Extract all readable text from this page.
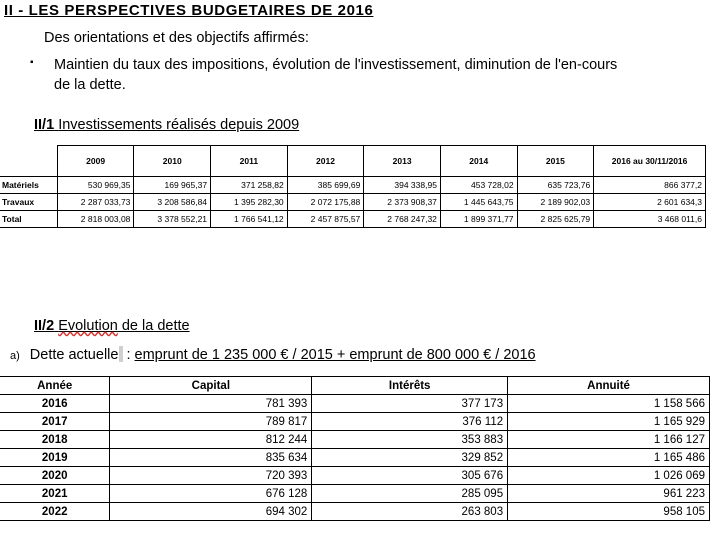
II - LES PERSPECTIVES BUDGETAIRES DE 2016
Des orientations et des objectifs affirmés:
▪ Maintien du taux des impositions, évolution de l'investissement, diminution de l'en-cours
de la dette.
II/1 Investissements réalisés depuis 2009
	2009	2010	2011	2012	2013	2014	2015	2016 au 30/11/2016
Matériels	530 969,35	169 965,37	371 258,82	385 699,69	394 338,95	453 728,02	635 723,76	866 377,2
Travaux	2 287 033,73	3 208 586,84	1 395 282,30	2 072 175,88	2 373 908,37	1 445 643,75	2 189 902,03	2 601 634,3
Total	2 818 003,08	3 378 552,21	1 766 541,12	2 457 875,57	2 768 247,32	1 899 371,77	2 825 625,79	3 468 011,6
II/2 Evolution de la dette
a) Dette actuelle : emprunt de 1 235 000 € / 2015 + emprunt de 800 000 € / 2016
Année	Capital	Intérêts	Annuité
2016	781 393	377 173	1 158 566
2017	789 817	376 112	1 165 929
2018	812 244	353 883	1 166 127
2019	835 634	329 852	1 165 486
2020	720 393	305 676	1 026 069
2021	676 128	285 095	961 223
2022	694 302	263 803	958 105
